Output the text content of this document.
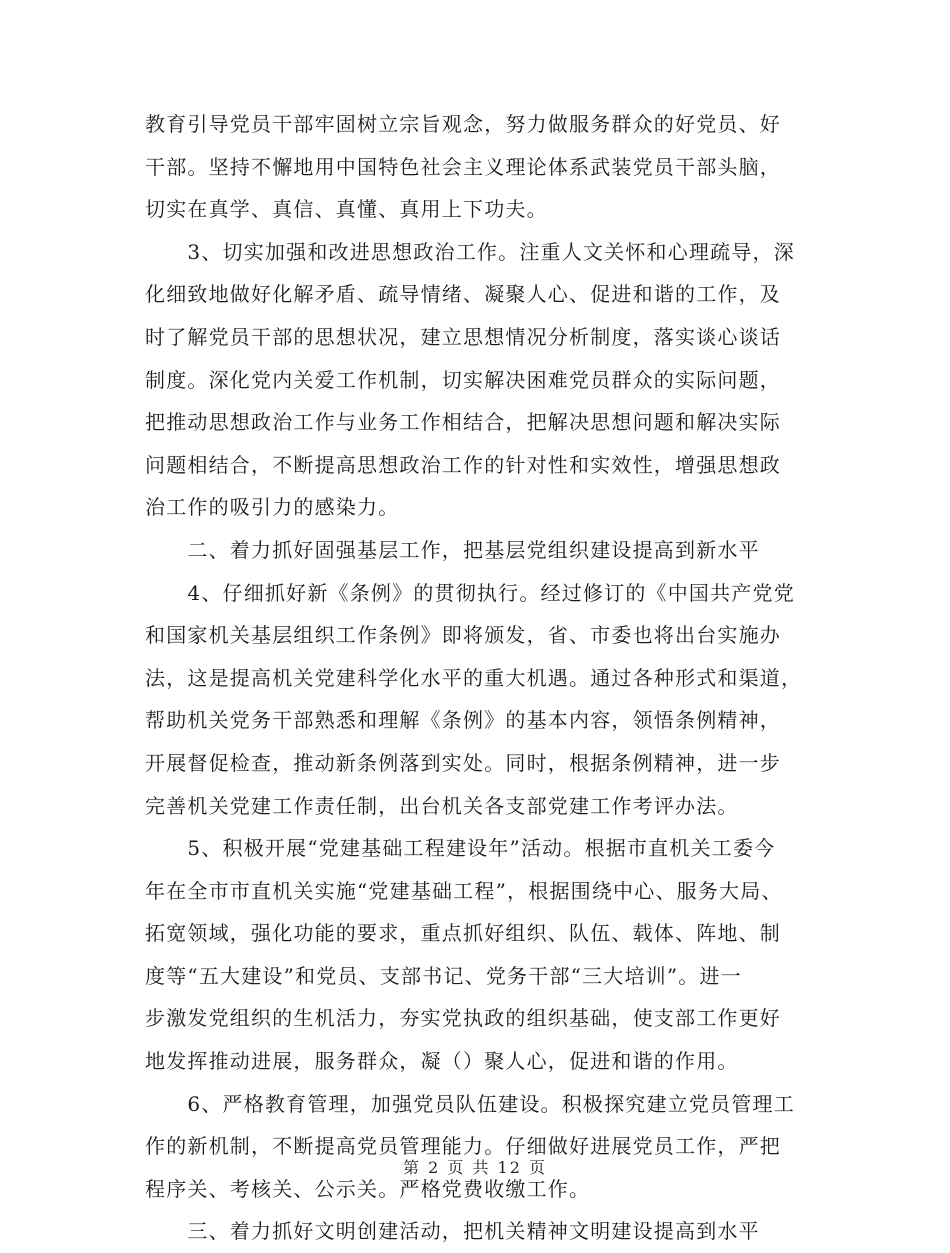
教育引导党员干部牢固树立宗旨观念，努力做服务群众的好党员、好
干部。坚持不懈地用中国特色社会主义理论体系武装党员干部头脑，
切实在真学、真信、真懂、真用上下功夫。
　　3、切实加强和改进思想政治工作。注重人文关怀和心理疏导，深
化细致地做好化解矛盾、疏导情绪、凝聚人心、促进和谐的工作，及
时了解党员干部的思想状况，建立思想情况分析制度，落实谈心谈话
制度。深化党内关爱工作机制，切实解决困难党员群众的实际问题，
把推动思想政治工作与业务工作相结合，把解决思想问题和解决实际
问题相结合，不断提高思想政治工作的针对性和实效性，增强思想政
治工作的吸引力的感染力。
　　二、着力抓好固强基层工作，把基层党组织建设提高到新水平
　　4、仔细抓好新《条例》的贯彻执行。经过修订的《中国共产党党
和国家机关基层组织工作条例》即将颁发，省、市委也将出台实施办
法，这是提高机关党建科学化水平的重大机遇。通过各种形式和渠道，
帮助机关党务干部熟悉和理解《条例》的基本内容，领悟条例精神，
开展督促检查，推动新条例落到实处。同时，根据条例精神，进一步
完善机关党建工作责任制，出台机关各支部党建工作考评办法。
　　5、积极开展“党建基础工程建设年”活动。根据市直机关工委今
年在全市市直机关实施“党建基础工程”，根据围绕中心、服务大局、
拓宽领域，强化功能的要求，重点抓好组织、队伍、载体、阵地、制
度等“五大建设”和党员、支部书记、党务干部“三大培训”。进一
步激发党组织的生机活力，夯实党执政的组织基础，使支部工作更好
地发挥推动进展，服务群众，凝（）聚人心，促进和谐的作用。
　　6、严格教育管理，加强党员队伍建设。积极探究建立党员管理工
作的新机制，不断提高党员管理能力。仔细做好进展党员工作，严把
程序关、考核关、公示关。严格党费收缴工作。
　　三、着力抓好文明创建活动，把机关精神文明建设提高到水平
第 2 页 共 12 页
